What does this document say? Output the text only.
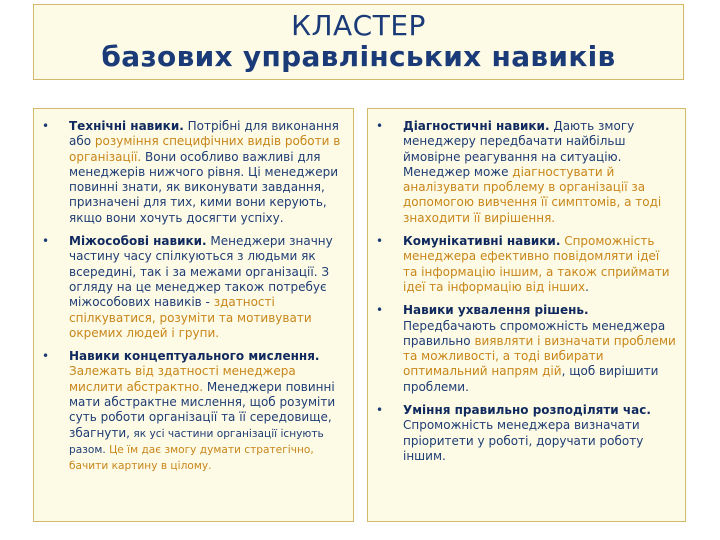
КЛАСТЕР
базових управлінських навиків
• Технічні навики. Потрібні для виконання або розуміння специфічних видів роботи в організації. Вони особливо важливі для менеджерів нижчого рівня. Ці менеджери повинні знати, як виконувати завдання, призначені для тих, кими вони керують, якщо вони хочуть досягти успіху.
• Міжособові навики. Менеджери значну частину часу спілкуються з людьми як всередині, так і за межами організації. З огляду на це менеджер також потребує міжособових навиків - здатності спілкуватися, розуміти та мотивувати окремих людей і групи.
• Навики концептуального мислення. Залежать від здатності менеджера мислити абстрактно. Менеджери повинні мати абстрактне мислення, щоб розуміти суть роботи організації та її середовище, збагнути, як усі частини організації існують разом. Це їм дає змогу думати стратегічно, бачити картину в цілому.
• Діагностичні навики. Дають змогу менеджеру передбачати найбільш ймовірне реагування на ситуацію. Менеджер може діагностувати й аналізувати проблему в організації за допомогою вивчення її симптомів, а тоді знаходити її вирішення.
• Комунікативні навики. Спроможність менеджера ефективно повідомляти ідеї та інформацію іншим, а також сприймати ідеї та інформацію від інших.
• Навики ухвалення рішень. Передбачають спроможність менеджера правильно виявляти і визначати проблеми та можливості, а тоді вибирати оптимальний напрям дій, щоб вирішити проблеми.
• Уміння правильно розподіляти час. Спроможність менеджера визначати пріоритети у роботі, доручати роботу іншим.
